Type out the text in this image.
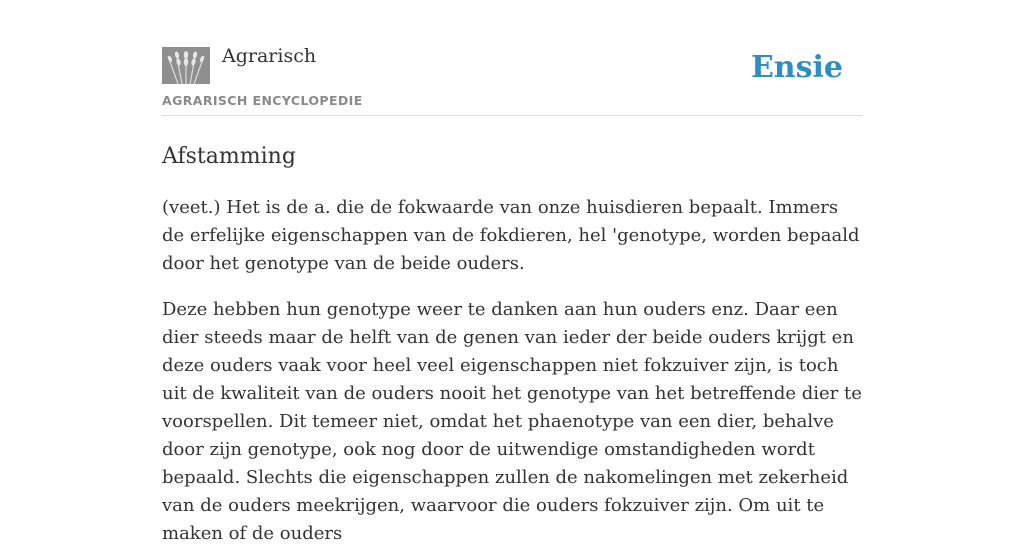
Agrarisch
AGRARISCH ENCYCLOPEDIE
Ensie
Afstamming

(veet.) Het is de a. die de fokwaarde van onze huisdieren bepaalt. Immers de erfelijke eigenschappen van de fokdieren, hel 'genotype, worden bepaald door het genotype van de beide ouders.

Deze hebben hun genotype weer te danken aan hun ouders enz. Daar een dier steeds maar de helft van de genen van ieder der beide ouders krijgt en deze ouders vaak voor heel veel eigenschappen niet fokzuiver zijn, is toch uit de kwaliteit van de ouders nooit het genotype van het betreffende dier te voorspellen. Dit temeer niet, omdat het phaenotype van een dier, behalve door zijn genotype, ook nog door de uitwendige omstandigheden wordt bepaald. Slechts die eigenschappen zullen de nakomelingen met zekerheid van de ouders meekrijgen, waarvoor die ouders fokzuiver zijn. Om uit te maken of de ouders
